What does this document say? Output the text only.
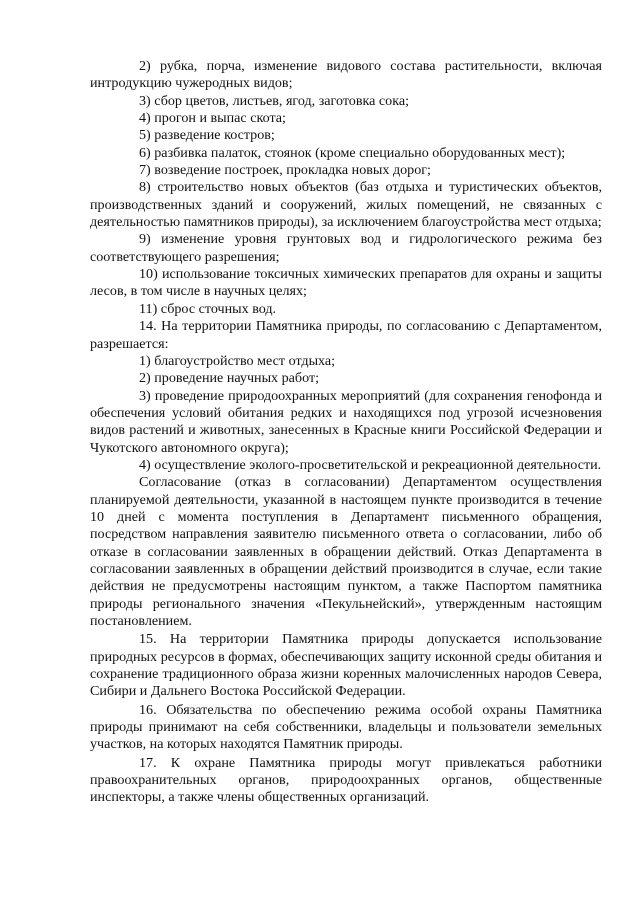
2) рубка, порча, изменение видового состава растительности, включая интродукцию чужеродных видов;

3) сбор цветов, листьев, ягод, заготовка сока;

4) прогон и выпас скота;

5) разведение костров;

6) разбивка палаток, стоянок (кроме специально оборудованных мест);

7) возведение построек, прокладка новых дорог;

8) строительство новых объектов (баз отдыха и туристических объектов, производственных зданий и сооружений, жилых помещений, не связанных с деятельностью памятников природы), за исключением благоустройства мест отдыха;

9) изменение уровня грунтовых вод и гидрологического режима без соответствующего разрешения;

10) использование токсичных химических препаратов для охраны и защиты лесов, в том числе в научных целях;

11) сброс сточных вод.

14. На территории Памятника природы, по согласованию с Департаментом, разрешается:

1) благоустройство мест отдыха;

2) проведение научных работ;

3) проведение природоохранных мероприятий (для сохранения генофонда и обеспечения условий обитания редких и находящихся под угрозой исчезновения видов растений и животных, занесенных в Красные книги Российской Федерации и Чукотского автономного округа);

4) осуществление эколого-просветительской и рекреационной деятельности.

Согласование (отказ в согласовании) Департаментом осуществления планируемой деятельности, указанной в настоящем пункте производится в течение 10 дней с момента поступления в Департамент письменного обращения, посредством направления заявителю письменного ответа о согласовании, либо об отказе в согласовании заявленных в обращении действий. Отказ Департамента в согласовании заявленных в обращении действий производится в случае, если такие действия не предусмотрены настоящим пунктом, а также Паспортом памятника природы регионального значения «Пекульнейский», утвержденным настоящим постановлением.

15. На территории Памятника природы допускается использование природных ресурсов в формах, обеспечивающих защиту исконной среды обитания и сохранение традиционного образа жизни коренных малочисленных народов Севера, Сибири и Дальнего Востока Российской Федерации.

16. Обязательства по обеспечению режима особой охраны Памятника природы принимают на себя собственники, владельцы и пользователи земельных участков, на которых находятся Памятник природы.

17. К охране Памятника природы могут привлекаться работники правоохранительных органов, природоохранных органов, общественные инспекторы, а также члены общественных организаций.
